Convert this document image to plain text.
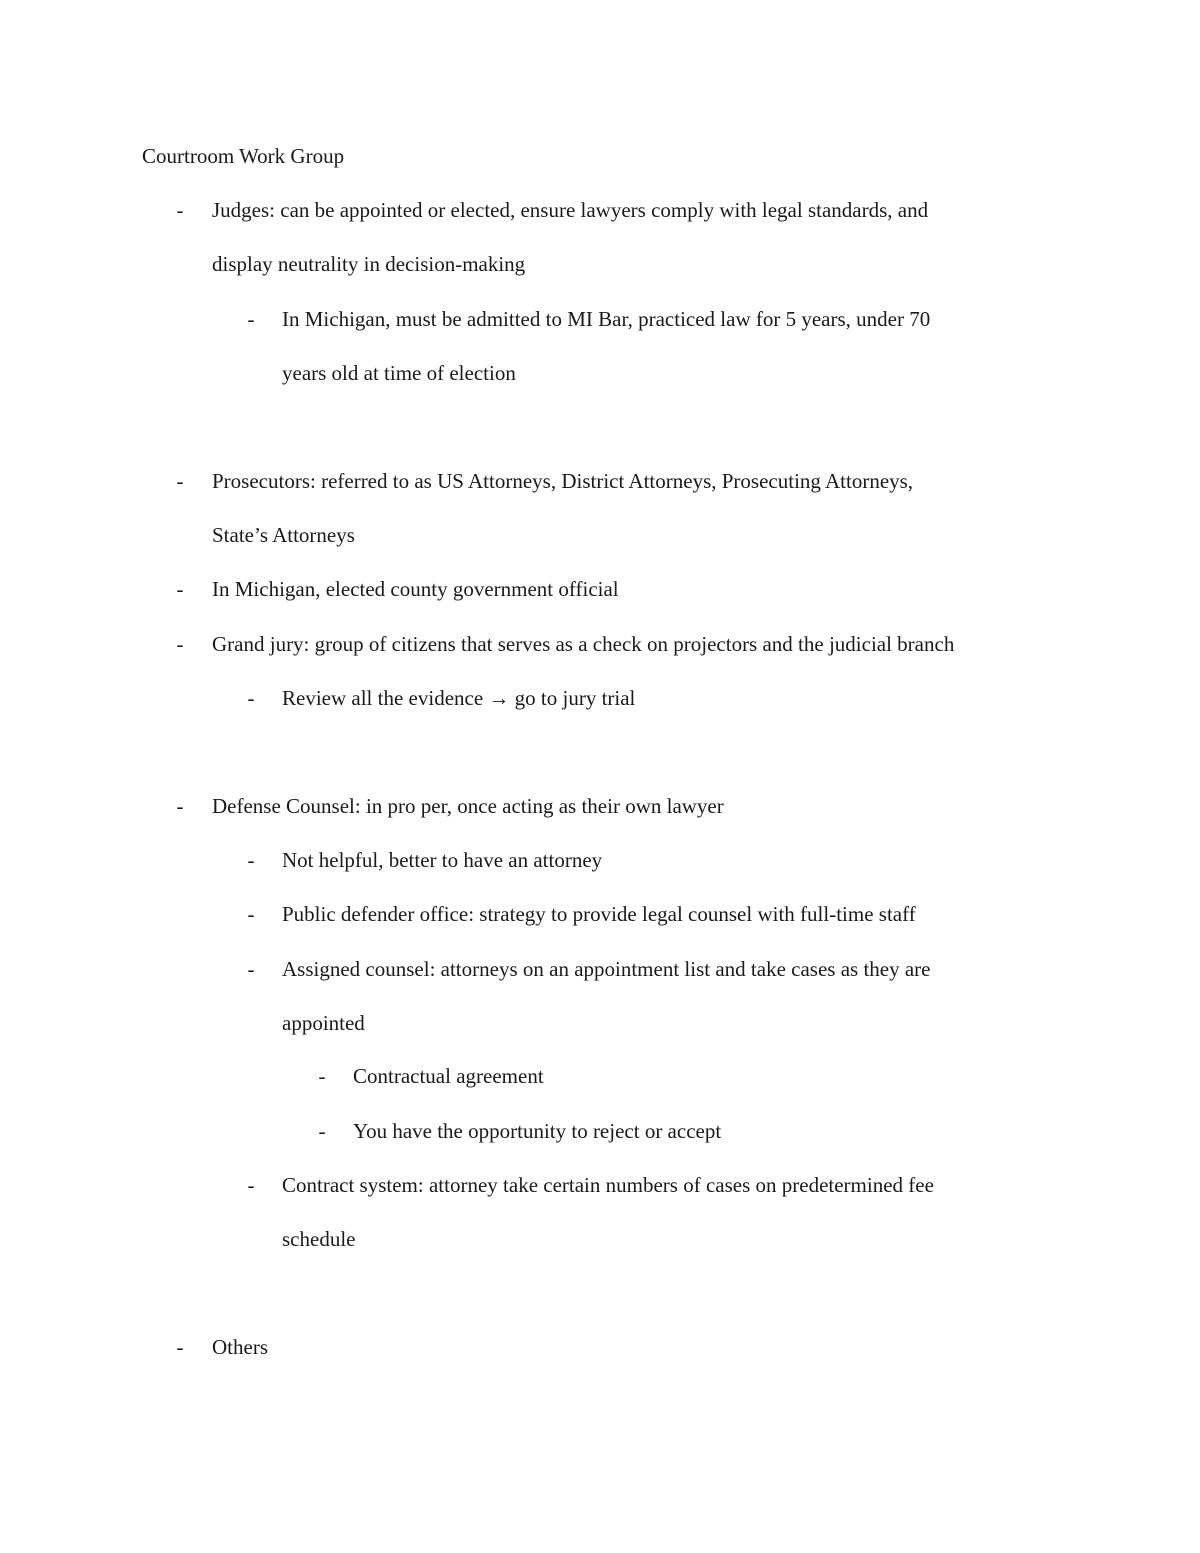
Courtroom Work Group
-	Judges: can be appointed or elected, ensure lawyers comply with legal standards, and
display neutrality in decision-making
-	In Michigan, must be admitted to MI Bar, practiced law for 5 years, under 70
years old at time of election
-	Prosecutors: referred to as US Attorneys, District Attorneys, Prosecuting Attorneys,
State’s Attorneys
-	In Michigan, elected county government official
-	Grand jury: group of citizens that serves as a check on projectors and the judicial branch
-	Review all the evidence → go to jury trial
-	Defense Counsel: in pro per, once acting as their own lawyer
-	Not helpful, better to have an attorney
-	Public defender office: strategy to provide legal counsel with full-time staff
-	Assigned counsel: attorneys on an appointment list and take cases as they are
appointed
-	Contractual agreement
-	You have the opportunity to reject or accept
-	Contract system: attorney take certain numbers of cases on predetermined fee
schedule
-	Others
